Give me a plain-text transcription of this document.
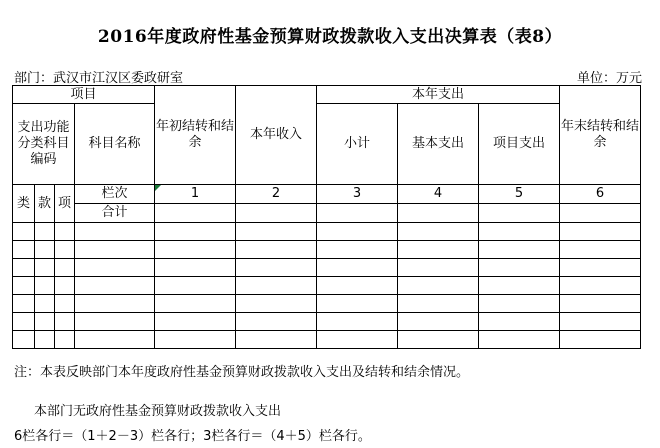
2016年度政府性基金预算财政拨款收入支出决算表（表8）
部门：武汉市江汉区委政研室	单位：万元
项目				年初结转和结余	本年收入	本年支出			年末结转和结余
支出功能分类科目编码			科目名称			小计	基本支出	项目支出	

类	款	项	栏次	1	2	3	4	5	6
			合计						

注：本表反映部门本年度政府性基金预算财政拨款收入支出及结转和结余情况。
本部门无政府性基金预算财政拨款收入支出
6栏各行＝（1＋2－3）栏各行；3栏各行＝（4＋5）栏各行。
